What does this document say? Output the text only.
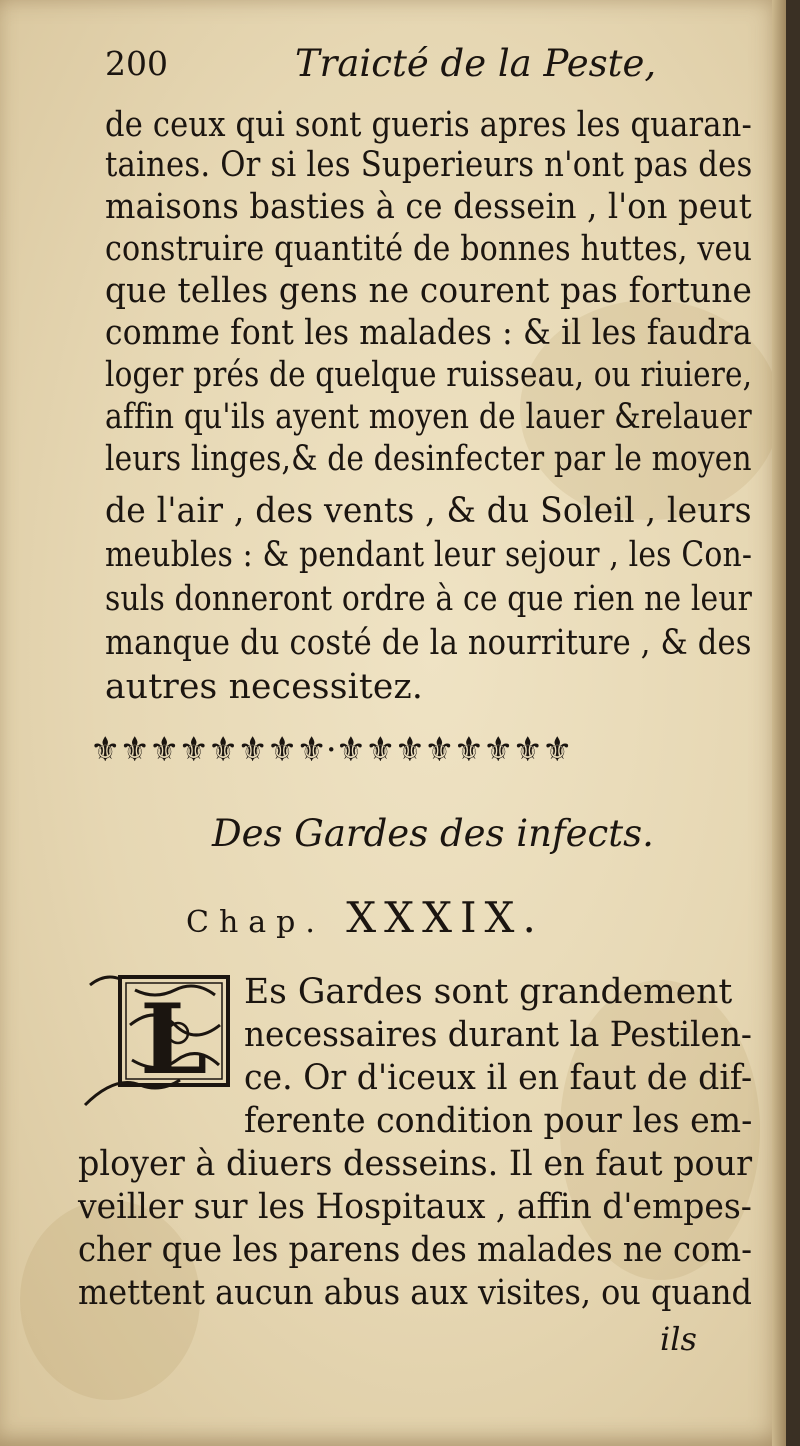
200	Traicté de la Peste,
de ceux qui sont gueris apres les quaran-
taines. Or si les Superieurs n'ont pas des
maisons basties à ce dessein , l'on peut
construire quantité de bonnes huttes, veu
que telles gens ne courent pas fortune
comme font les malades : & il les faudra
loger prés de quelque ruisseau, ou riuiere,
affin qu'ils ayent moyen de lauer &relauer
leurs linges,& de desinfecter par le moyen
de l'air , des vents , & du Soleil , leurs
meubles : & pendant leur sejour , les Con-
suls donneront ordre à ce que rien ne leur
manque du costé de la nourriture , & des
autres necessitez.
⚜⚜⚜⚜⚜⚜⚜⚜·⚜⚜⚜⚜⚜⚜⚜⚜
Des Gardes des infects.
Chap. XXXIX.
L Es Gardes sont grandement
necessaires durant la Pestilen-
ce. Or d'iceux il en faut de dif-
ferente condition pour les em-
ployer à diuers desseins. Il en faut pour
veiller sur les Hospitaux , affin d'empes-
cher que les parens des malades ne com-
mettent aucun abus aux visites, ou quand
ils
